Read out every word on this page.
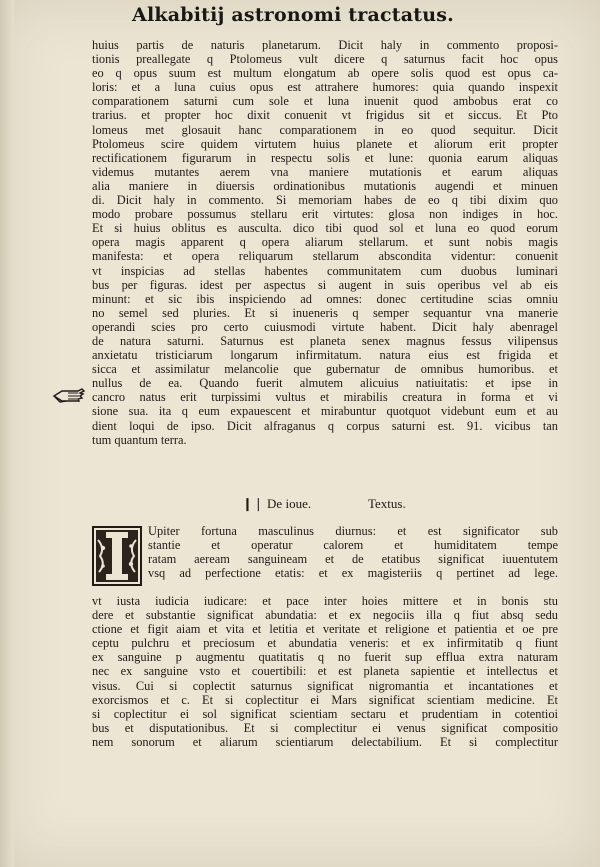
Alkabitij astronomi tractatus.
huius partis de naturis planetarum. Dicit haly in commento proposi-
tionis preallegate q Ptolomeus vult dicere q saturnus facit hoc opus
eo q opus suum est multum elongatum ab opere solis quod est opus ca-
loris: et a luna cuius opus est attrahere humores: quia quando inspexit
comparationem saturni cum sole et luna inuenit quod ambobus erat co
trarius. et propter hoc dixit conuenit vt frigidus sit et siccus. Et Pto
lomeus met glosauit hanc comparationem in eo quod sequitur. Dicit
Ptolomeus scire quidem virtutem huius planete et aliorum erit propter
rectificationem figurarum in respectu solis et lune: quonia earum aliquas
videmus mutantes aerem vna maniere mutationis et earum aliquas
alia maniere in diuersis ordinationibus mutationis augendi et minuen
di. Dicit haly in commento. Si memoriam habes de eo q tibi dixim quo
modo probare possumus stellaru erit virtutes: glosa non indiges in hoc.
Et si huius oblitus es ausculta. dico tibi quod sol et luna eo quod eorum
opera magis apparent q opera aliarum stellarum. et sunt nobis magis
manifesta: et opera reliquarum stellarum abscondita videntur: conuenit
vt inspicias ad stellas habentes communitatem cum duobus luminari
bus per figuras. idest per aspectus si augent in suis operibus vel ab eis
minunt: et sic ibis inspiciendo ad omnes: donec certitudine scias omniu
no semel sed pluries. Et si inueneris q semper sequantur vna manerie
operandi scies pro certo cuiusmodi virtute habent. Dicit haly abenragel
de natura saturni. Saturnus est planeta senex magnus fessus vilipensus
anxietatu tristiciarum longarum infirmitatum. natura eius est frigida et
sicca et assimilatur melancolie que gubernatur de omnibus humoribus. et
nullus de ea. Quando fuerit almutem alicuius natiuitatis: et ipse in
cancro natus erit turpissimi vultus et mirabilis creatura in forma et vi
sione sua. ita q eum expauescent et mirabuntur quotquot videbunt eum et au
dient loqui de ipso. Dicit alfraganus q corpus saturni est. 91. vicibus tan
tum quantum terra.
❙❘ De ioue.	Textus.
Upiter fortuna masculinus diurnus: et est significator sub
stantie et operatur calorem et humiditatem tempe
ratam aeream sanguineam et de etatibus significat iuuentutem
vsq ad perfectione etatis: et ex magisteriis q pertinet ad lege.
vt iusta iudicia iudicare: et pace inter hoies mittere et in bonis stu
dere et substantie significat abundatia: et ex negociis illa q fiut absq sedu
ctione et figit aiam et vita et letitia et veritate et religione et patientia et oe pre
ceptu pulchru et preciosum et abundatia veneris: et ex infirmitatib q fiunt
ex sanguine p augmentu quatitatis q no fuerit sup efflua extra naturam
nec ex sanguine vsto et couertibili: et est planeta sapientie et intellectus et
visus. Cui si coplectit saturnus significat nigromantia et incantationes et
exorcismos et c. Et si coplectitur ei Mars significat scientiam medicine. Et
si coplectitur ei sol significat scientiam sectaru et prudentiam in cotentioi
bus et disputationibus. Et si complectitur ei venus significat compositio
nem sonorum et aliarum scientiarum delectabilium. Et si complectitur
